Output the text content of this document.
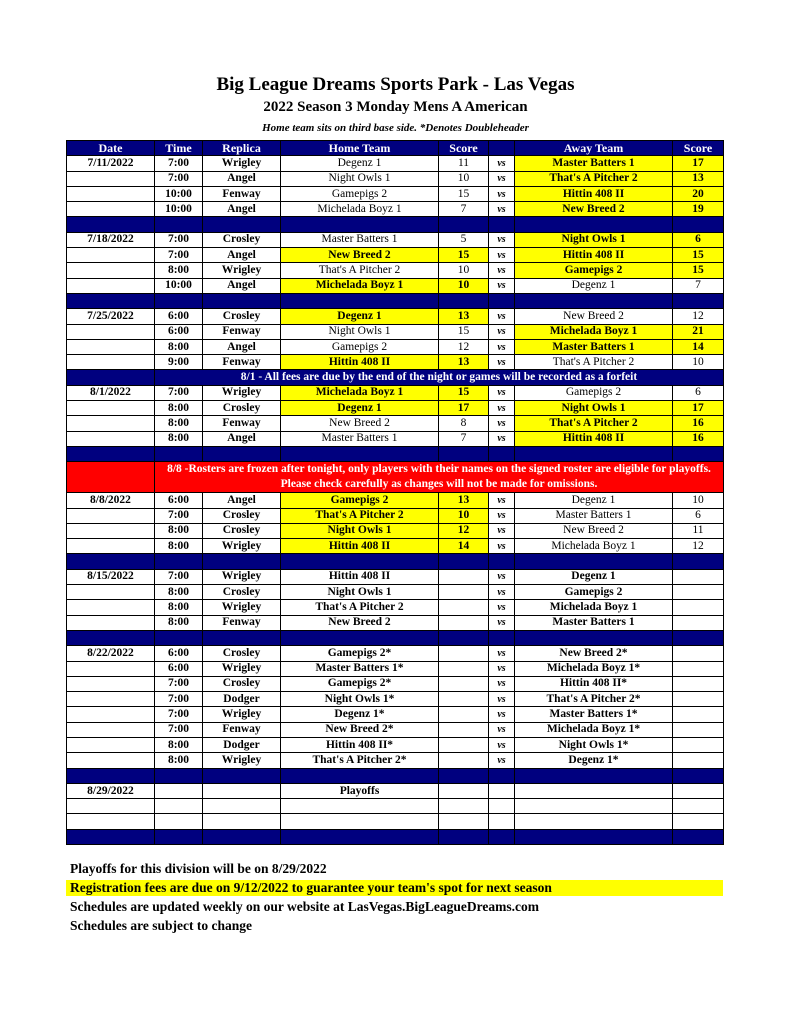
Big League Dreams Sports Park - Las Vegas
2022 Season 3 Monday Mens A American
Home team sits on third base side. *Denotes Doubleheader
Date	Time	Replica	Home Team	Score		Away Team	Score
7/11/2022	7:00	Wrigley	Degenz 1	11	vs	Master Batters 1	17
	7:00	Angel	Night Owls 1	10	vs	That's A Pitcher 2	13
	10:00	Fenway	Gamepigs 2	15	vs	Hittin 408 II	20
	10:00	Angel	Michelada Boyz 1	7	vs	New Breed 2	19

7/18/2022	7:00	Crosley	Master Batters 1	5	vs	Night Owls 1	6
	7:00	Angel	New Breed 2	15	vs	Hittin 408 II	15
	8:00	Wrigley	That's A Pitcher 2	10	vs	Gamepigs 2	15
	10:00	Angel	Michelada Boyz 1	10	vs	Degenz 1	7

7/25/2022	6:00	Crosley	Degenz 1	13	vs	New Breed 2	12
	6:00	Fenway	Night Owls 1	15	vs	Michelada Boyz 1	21
	8:00	Angel	Gamepigs 2	12	vs	Master Batters 1	14
	9:00	Fenway	Hittin 408 II	13	vs	That's A Pitcher 2	10
	8/1 - All fees are due by the end of the night or games will be recorded as a forfeit						
8/1/2022	7:00	Wrigley	Michelada Boyz 1	15	vs	Gamepigs 2	6
	8:00	Crosley	Degenz 1	17	vs	Night Owls 1	17
	8:00	Fenway	New Breed 2	8	vs	That's A Pitcher 2	16
	8:00	Angel	Master Batters 1	7	vs	Hittin 408 II	16

	8/8 -Rosters are frozen after tonight, only players with their names on the signed roster are eligible for playoffs. Please check carefully as changes will not be made for omissions.						
8/8/2022	6:00	Angel	Gamepigs 2	13	vs	Degenz 1	10
	7:00	Crosley	That's A Pitcher 2	10	vs	Master Batters 1	6
	8:00	Crosley	Night Owls 1	12	vs	New Breed 2	11
	8:00	Wrigley	Hittin 408 II	14	vs	Michelada Boyz 1	12

8/15/2022	7:00	Wrigley	Hittin 408 II		vs	Degenz 1	
	8:00	Crosley	Night Owls 1		vs	Gamepigs 2	
	8:00	Wrigley	That's A Pitcher 2		vs	Michelada Boyz 1	
	8:00	Fenway	New Breed 2		vs	Master Batters 1	

8/22/2022	6:00	Crosley	Gamepigs 2*		vs	New Breed 2*	
	6:00	Wrigley	Master Batters 1*		vs	Michelada Boyz 1*	
	7:00	Crosley	Gamepigs 2*		vs	Hittin 408 II*	
	7:00	Dodger	Night Owls 1*		vs	That's A Pitcher 2*	
	7:00	Wrigley	Degenz 1*		vs	Master Batters 1*	
	7:00	Fenway	New Breed 2*		vs	Michelada Boyz 1*	
	8:00	Dodger	Hittin 408 II*		vs	Night Owls 1*	
	8:00	Wrigley	That's A Pitcher 2*		vs	Degenz 1*	

8/29/2022			Playoffs				

Playoffs for this division will be on 8/29/2022
Registration fees are due on 9/12/2022 to guarantee your team's spot for next season
Schedules are updated weekly on our website at LasVegas.BigLeagueDreams.com
Schedules are subject to change
